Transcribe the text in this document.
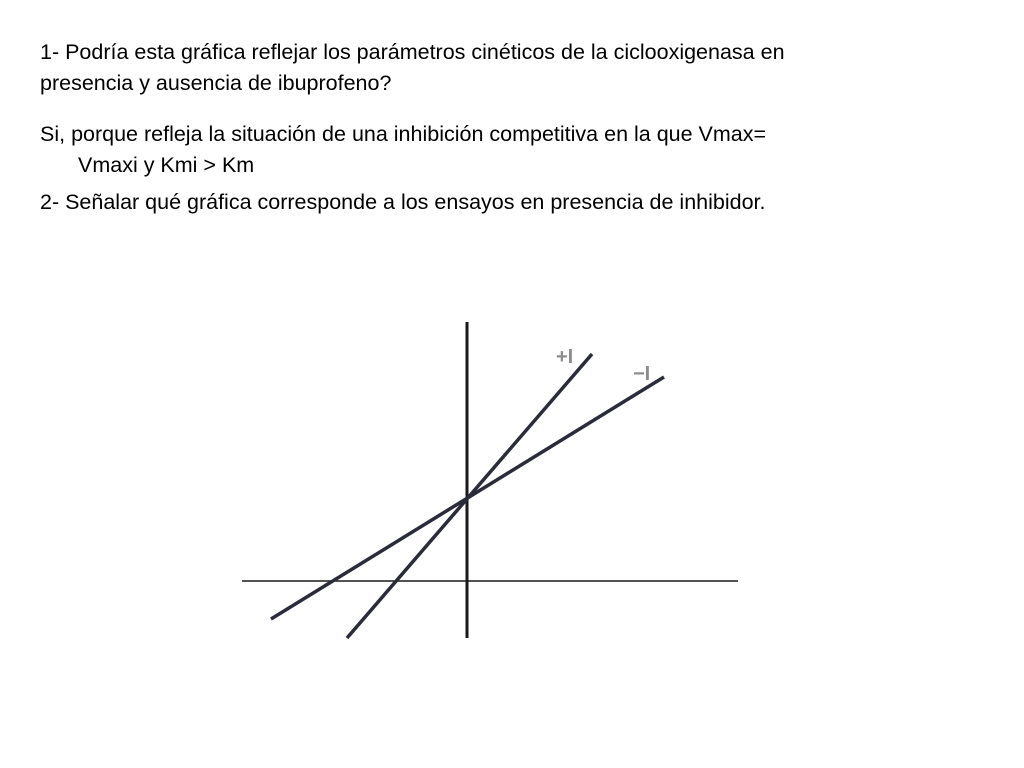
1- Podría esta gráfica reflejar los parámetros cinéticos de la ciclooxigenasa en
presencia y ausencia de ibuprofeno?

Si, porque refleja la situación de una inhibición competitiva en la que Vmax=
Vmaxi y Kmi > Km

2- Señalar qué gráfica corresponde a los ensayos en presencia de inhibidor.

+I
−I
